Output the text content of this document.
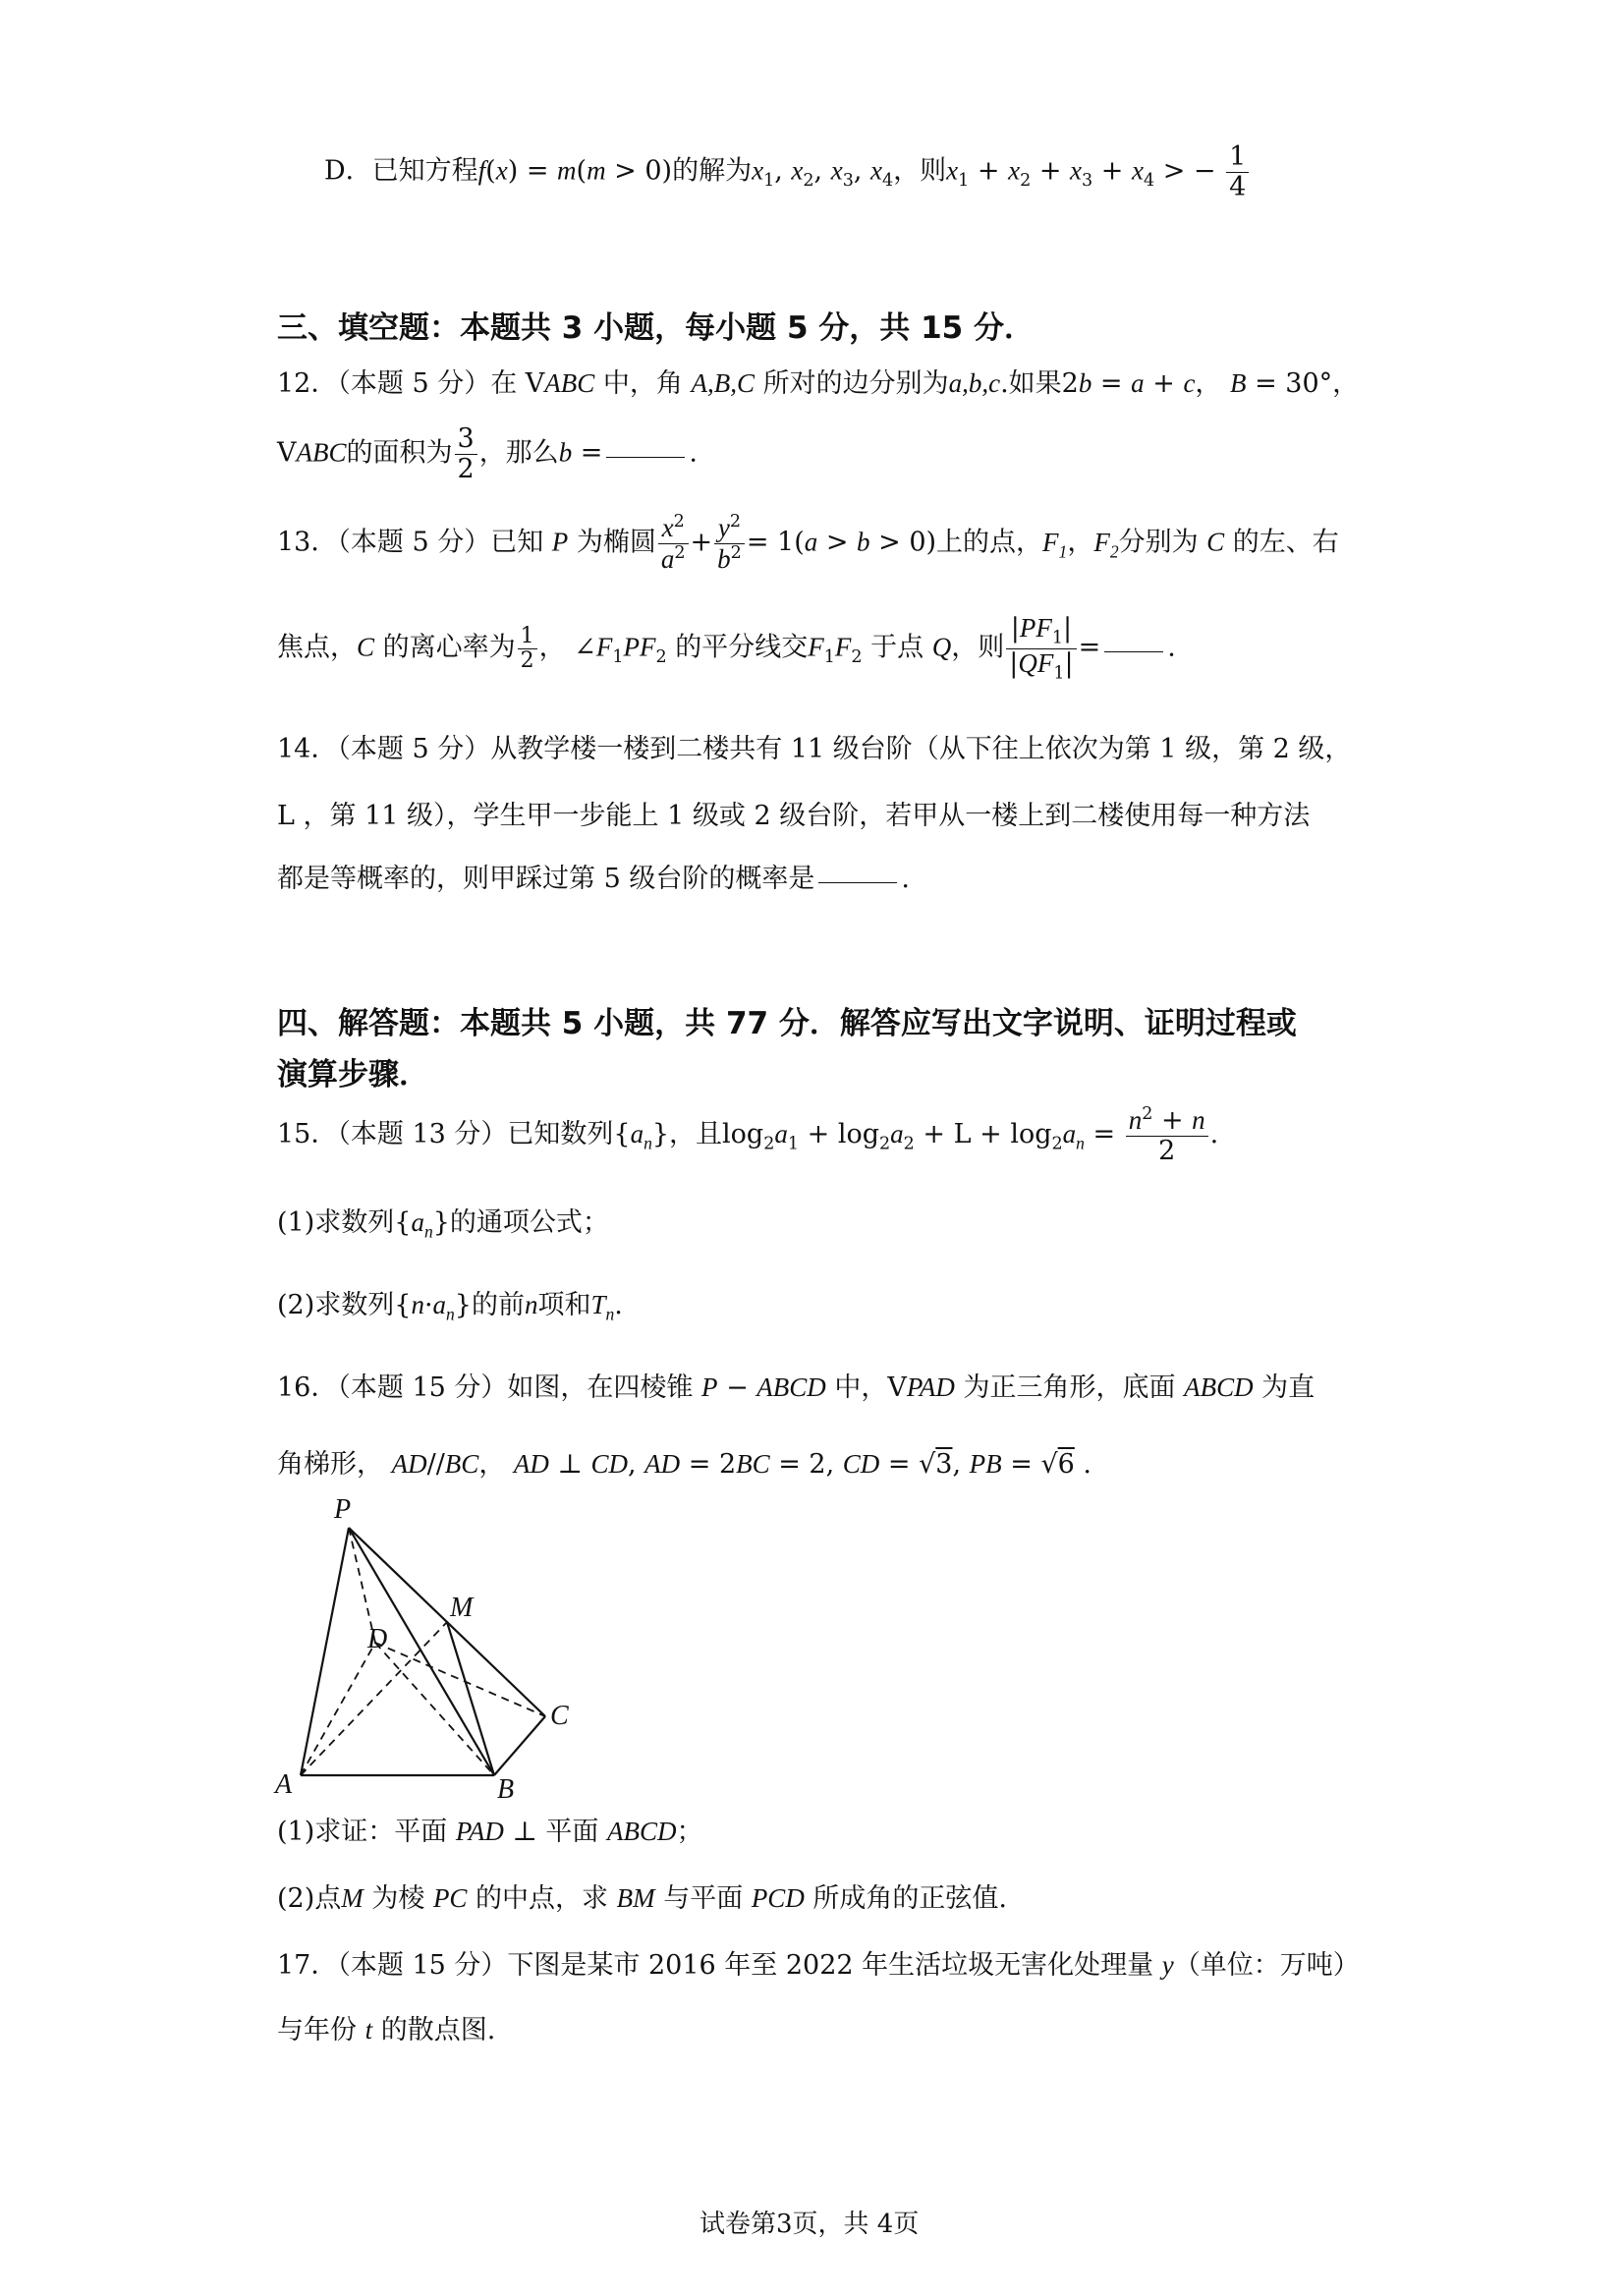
D．已知方程f(x) = m(m > 0)的解为$x_1$, $x_2$, $x_3$, $x_4$，则$x_1 + x_2 + x_3 + x_4$ > − $\frac{1}{4}$
三、填空题：本题共 3 小题，每小题 5 分，共 15 分．
12．（本题 5 分）在 VABC 中，角 A,B,C 所对的边分别为a,b,c.如果2b = a + c， B = 30°，
VABC的面积为 $\frac{3}{2}$ ，那么b =	.
13．（本题 5 分）已知 P 为椭圆 $\frac{x^2}{a^2} + \frac{y^2}{b^2} = 1(a > b > 0)$上的点，$F_1$，$F_2$分别为 C 的左、右
焦点，C 的离心率为 $\frac{1}{2}$ ， $\angle F_1PF_2$ 的平分线交$F_1F_2$ 于点 Q，则 $\frac{|PF_1|}{|QF_1|}$ =	.
14．（本题 5 分）从教学楼一楼到二楼共有 11 级台阶（从下往上依次为第 1 级，第 2 级，
L ，第 11 级），学生甲一步能上 1 级或 2 级台阶，若甲从一楼上到二楼使用每一种方法
都是等概率的，则甲踩过第 5 级台阶的概率是	.
四、解答题：本题共 5 小题，共 77 分．解答应写出文字说明、证明过程或
演算步骤．
15．（本题 13 分）已知数列$\{a_n\}$，且$\log_2a_1 + \log_2a_2 + L + \log_2a_n = \frac{n^2 + n}{2}$ .
(1)求数列$\{a_n\}$的通项公式；
(2)求数列$\{n\cdot a_n\}$的前n项和$T_n$.
16．（本题 15 分）如图，在四棱锥 P − ABCD 中，VPAD 为正三角形，底面 ABCD 为直
角梯形， AD//BC， AD ⊥ CD, AD = 2BC = 2, CD = √3, PB = √6 .
P
M
D
C
A	B
(1)求证：平面 PAD ⊥ 平面 ABCD；
(2)点M 为棱 PC 的中点，求 BM 与平面 PCD 所成角的正弦值.
17．（本题 15 分）下图是某市 2016 年至 2022 年生活垃圾无害化处理量 y（单位：万吨）
与年份 t 的散点图.
试卷第3页，共 4页
